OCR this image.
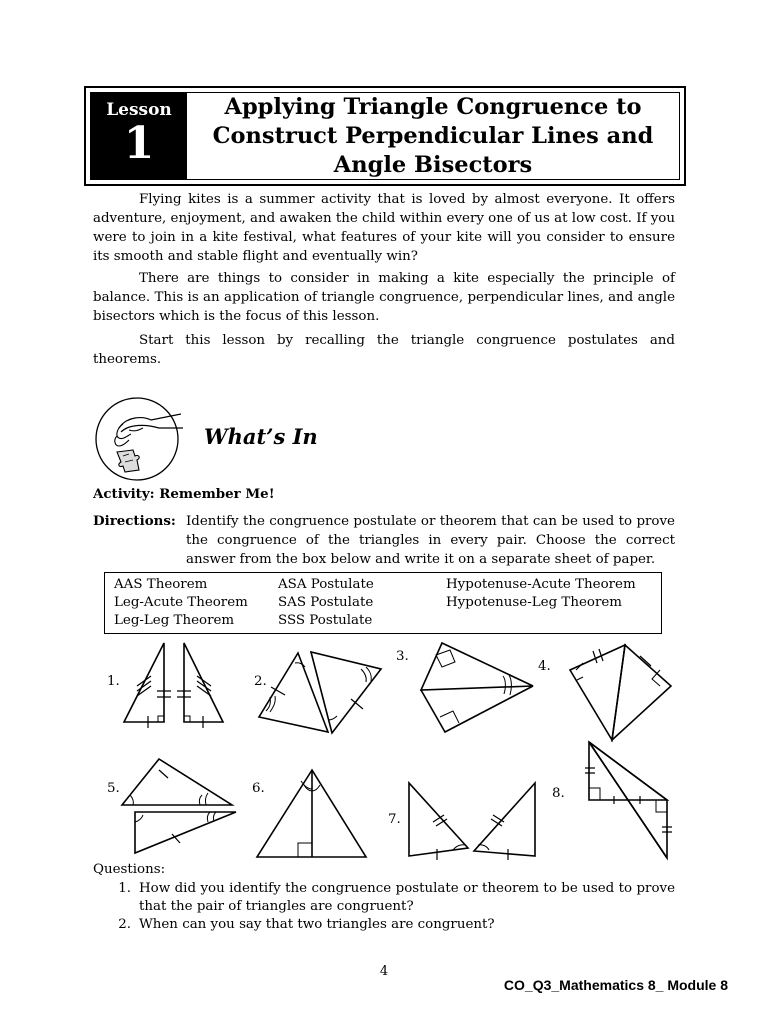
Lesson
1
Applying Triangle Congruence to Construct Perpendicular Lines and Angle Bisectors

Flying kites is a summer activity that is loved by almost everyone. It offers adventure, enjoyment, and awaken the child within every one of us at low cost. If you were to join in a kite festival, what features of your kite will you consider to ensure its smooth and stable flight and eventually win?

There are things to consider in making a kite especially the principle of balance. This is an application of triangle congruence, perpendicular lines, and angle bisectors which is the focus of this lesson.

Start this lesson by recalling the triangle congruence postulates and theorems.

What’s In
Activity: Remember Me!
Directions: Identify the congruence postulate or theorem that can be used to prove the congruence of the triangles in every pair. Choose the correct answer from the box below and write it on a separate sheet of paper.
AAS Theorem
Leg-Acute Theorem
Leg-Leg Theorem
ASA Postulate
SAS Postulate
SSS Postulate
Hypotenuse-Acute Theorem
Hypotenuse-Leg Theorem
1.	2.
3.
4.
5.	6.
7.
8.
Questions:
1. How did you identify the congruence postulate or theorem to be used to prove that the pair of triangles are congruent?
2. When can you say that two triangles are congruent?
4
CO_Q3_Mathematics 8_ Module 8
